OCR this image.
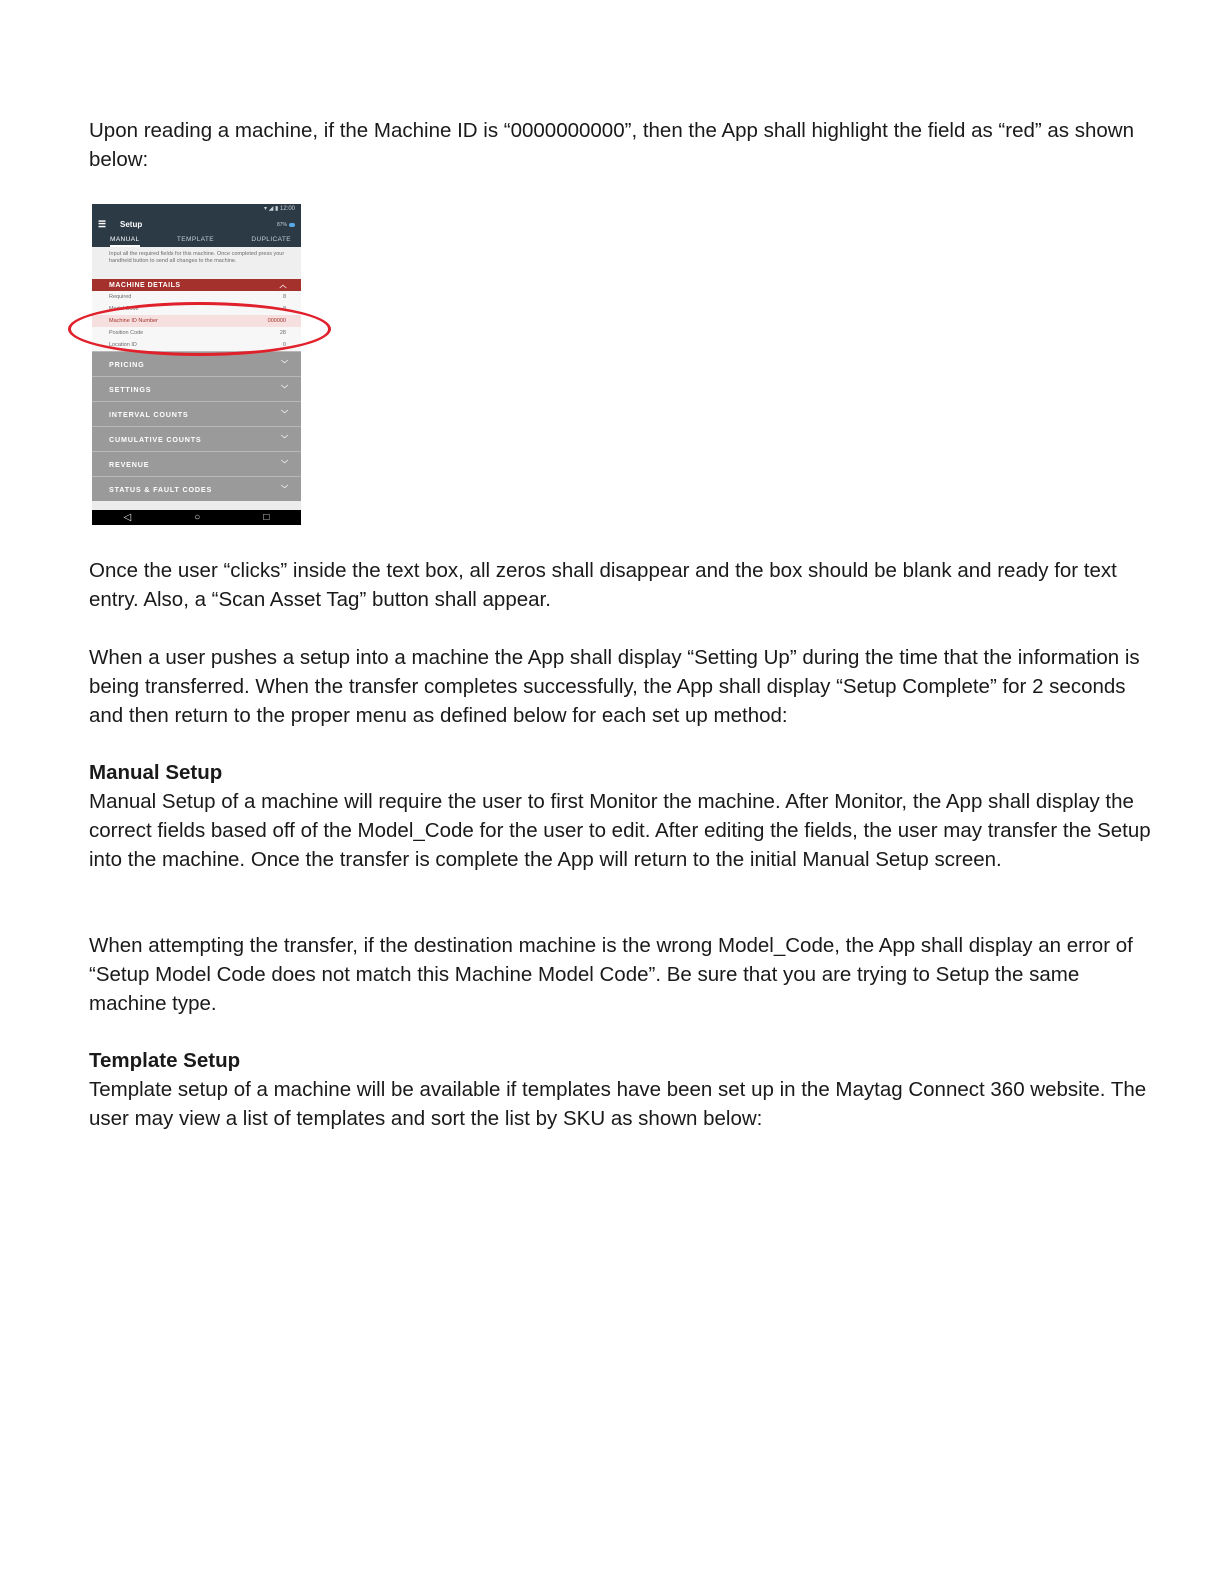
Upon reading a machine, if the Machine ID is “0000000000”, then the App shall highlight the field as “red” as shown below:

▾ ◢ ▮ 12:00
☰ Setup	87%
MANUAL	TEMPLATE	DUPLICATE
Input all the required fields for this machine. Once completed press your handheld button to send all changes to the machine.
MACHINE DETAILS	︿
Required	8
Model Code	8
Machine ID Number	000000
Position Code	28
Location ID	0
PRICING	﹀
SETTINGS	﹀
INTERVAL COUNTS	﹀
CUMULATIVE COUNTS	﹀
REVENUE	﹀
STATUS & FAULT CODES	﹀
◁	○	□

Once the user “clicks” inside the text box, all zeros shall disappear and the box should be blank and ready for text entry. Also, a “Scan Asset Tag” button shall appear.

When a user pushes a setup into a machine the App shall display “Setting Up” during the time that the information is being transferred. When the transfer completes successfully, the App shall display “Setup Complete” for 2 seconds and then return to the proper menu as defined below for each set up method:

Manual Setup
Manual Setup of a machine will require the user to first Monitor the machine. After Monitor, the App shall display the correct fields based off of the Model_Code for the user to edit. After editing the fields, the user may transfer the Setup into the machine. Once the transfer is complete the App will return to the initial Manual Setup screen.

When attempting the transfer, if the destination machine is the wrong Model_Code, the App shall display an error of “Setup Model Code does not match this Machine Model Code”. Be sure that you are trying to Setup the same machine type.

Template Setup
Template setup of a machine will be available if templates have been set up in the Maytag Connect 360 website. The user may view a list of templates and sort the list by SKU as shown below:
